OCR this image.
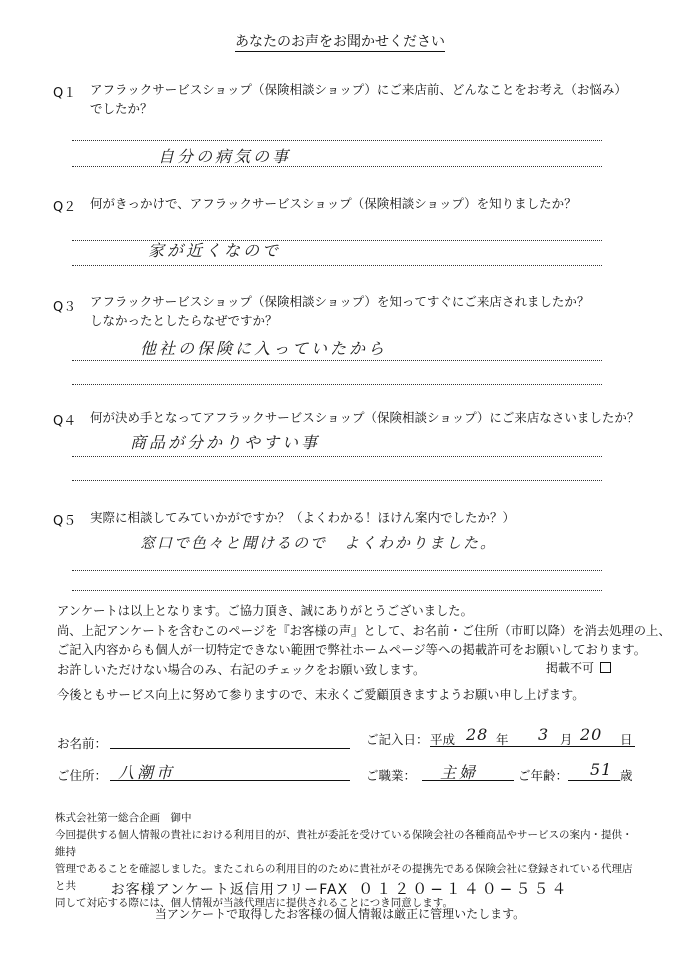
あなたのお声をお聞かせください
Q１ アフラックサービスショップ（保険相談ショップ）にご来店前、どんなことをお考え（お悩み）
でしたか？
自分の病気の事
Q２ 何がきっかけで、アフラックサービスショップ（保険相談ショップ）を知りましたか？
家が近くなので
Q３ アフラックサービスショップ（保険相談ショップ）を知ってすぐにご来店されましたか？
しなかったとしたらなぜですか？
他社の保険に入っていたから
Q４ 何が決め手となってアフラックサービスショップ（保険相談ショップ）にご来店なさいましたか？
商品が分かりやすい事
Q５ 実際に相談してみていかがですか？（よくわかる！ほけん案内でしたか？）
窓口で色々と聞けるので　よくわかりました。
アンケートは以上となります。ご協力頂き、誠にありがとうございました。
尚、上記アンケートを含むこのページを『お客様の声』として、お名前・ご住所（市町以降）を消去処理の上、
ご記入内容からも個人が一切特定できない範囲で弊社ホームページ等への掲載許可をお願いしております。
お許しいただけない場合のみ、右記のチェックをお願い致します。	掲載不可
今後ともサービス向上に努めて参りますので、末永くご愛顧頂きますようお願い申し上げます。
お名前：	ご記入日： 平成 28 年 3 月 20 日
ご住所： 八潮市	ご職業： 主婦	ご年齢： 51 歳
株式会社第一総合企画　御中
今回提供する個人情報の貴社における利用目的が、貴社が委託を受けている保険会社の各種商品やサービスの案内・提供・維持
管理であることを確認しました。またこれらの利用目的のために貴社がその提携先である保険会社に登録されている代理店と共
同して対応する際には、個人情報が当該代理店に提供されることにつき同意します。
お客様アンケート返信用フリーFAX ０１２０−１４０−５５４
当アンケートで取得したお客様の個人情報は厳正に管理いたします。
